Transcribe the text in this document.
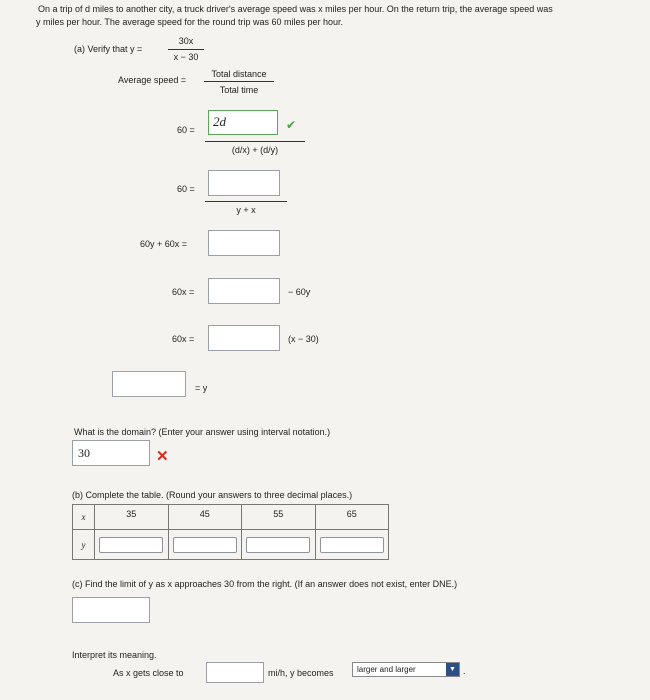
On a trip of d miles to another city, a truck driver's average speed was x miles per hour. On the return trip, the average speed was
y miles per hour. The average speed for the round trip was 60 miles per hour.
(a) Verify that y =
30x
x − 30
Average speed =
Total distance
Total time
60 =
2d	✔
(d/x) + (d/y)
60 =
y + x
60y + 60x =
60x =	− 60y
60x =	(x − 30)
= y
What is the domain? (Enter your answer using interval notation.)
30	✕
(b) Complete the table. (Round your answers to three decimal places.)
x	35	45	55	65
y				
(c) Find the limit of y as x approaches 30 from the right. (If an answer does not exist, enter DNE.)
Interpret its meaning.
As x gets close to	mi/h, y becomes	larger and larger	▼ .
